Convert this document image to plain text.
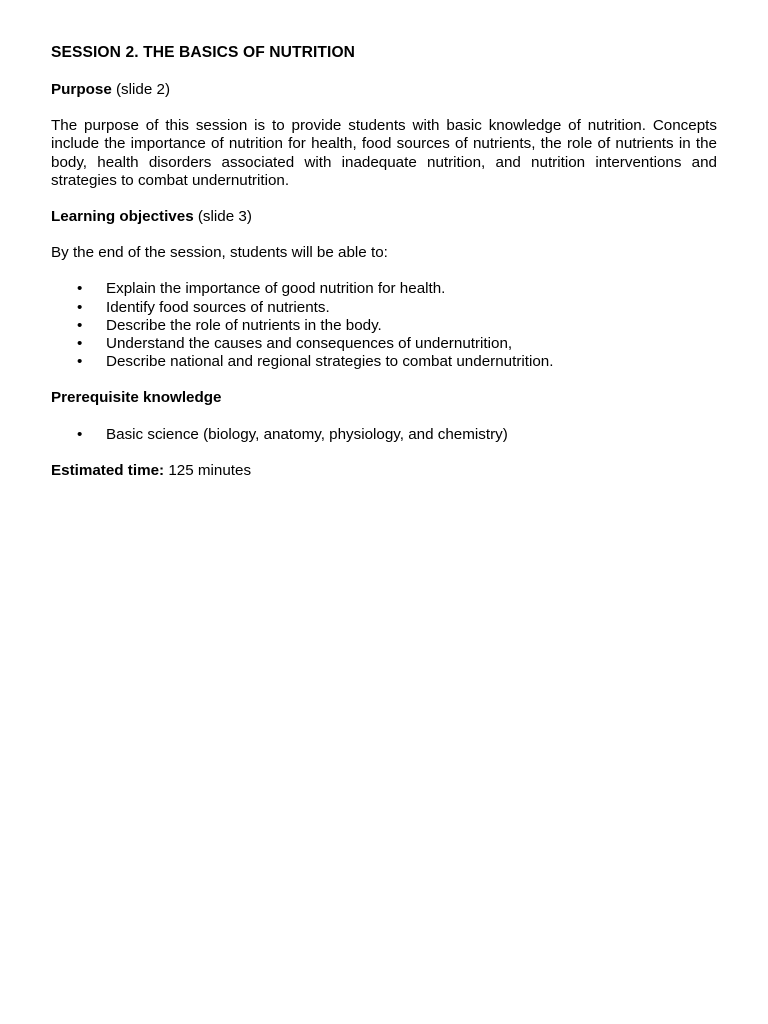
SESSION 2. THE BASICS OF NUTRITION
Purpose (slide 2)
The purpose of this session is to provide students with basic knowledge of nutrition. Concepts include the importance of nutrition for health, food sources of nutrients, the role of nutrients in the body, health disorders associated with inadequate nutrition, and nutrition interventions and strategies to combat undernutrition.
Learning objectives (slide 3)
By the end of the session, students will be able to:
• Explain the importance of good nutrition for health.
• Identify food sources of nutrients.
• Describe the role of nutrients in the body.
• Understand the causes and consequences of undernutrition,
• Describe national and regional strategies to combat undernutrition.
Prerequisite knowledge
• Basic science (biology, anatomy, physiology, and chemistry)
Estimated time: 125 minutes
